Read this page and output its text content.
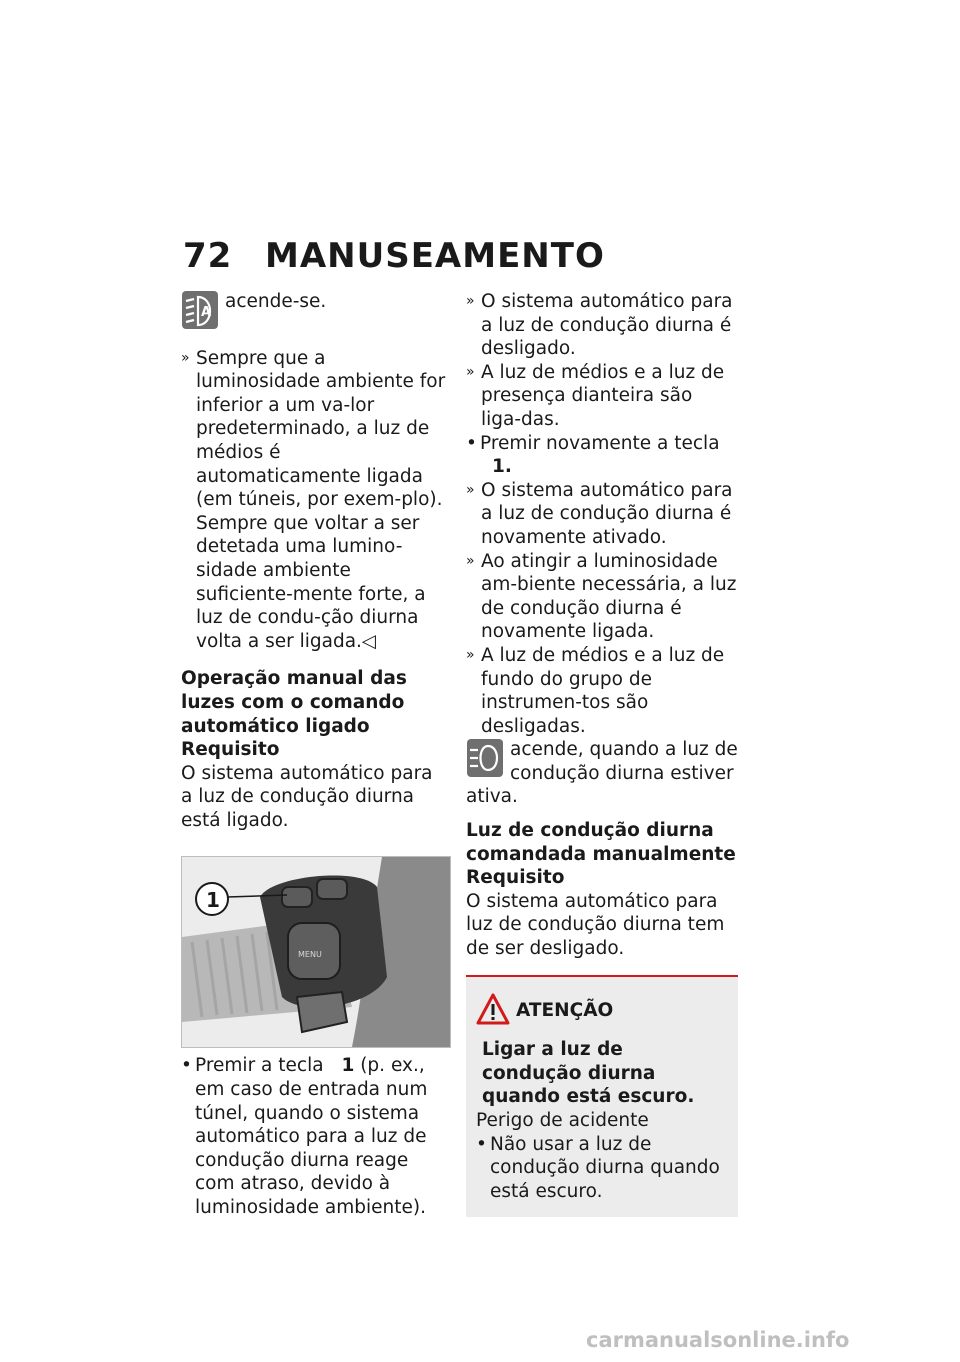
72 MANUSEAMENTO

A
acende-se.

» Sempre que a luminosidade ambiente for inferior a um va-lor predeterminado, a luz de médios é automaticamente ligada (em túneis, por exem-plo). Sempre que voltar a ser detetada uma lumino-sidade ambiente suficiente-mente forte, a luz de condu-ção diurna volta a ser ligada.◁

Operação manual das luzes com o comando automático ligado

Requisito

O sistema automático para a luz de condução diurna está ligado.

MENU
1

• Premir a tecla 1 (p. ex., em caso de entrada num túnel, quando o sistema automático para a luz de condução diurna reage com atraso, devido à luminosidade ambiente).

» O sistema automático para a luz de condução diurna é desligado.

» A luz de médios e a luz de presença dianteira são liga-das.

• Premir novamente a tecla 1.

» O sistema automático para a luz de condução diurna é novamente ativado.

» Ao atingir a luminosidade am-biente necessária, a luz de condução diurna é novamente ligada.

» A luz de médios e a luz de fundo do grupo de instrumen-tos são desligadas.

acende, quando a luz de condução diurna estiver ativa.

Luz de condução diurna comandada manualmente

Requisito

O sistema automático para luz de condução diurna tem de ser desligado.

ATENÇÃO

Ligar a luz de condução diurna quando está escuro.

Perigo de acidente

• Não usar a luz de condução diurna quando está escuro.

carmanualsonline.info
